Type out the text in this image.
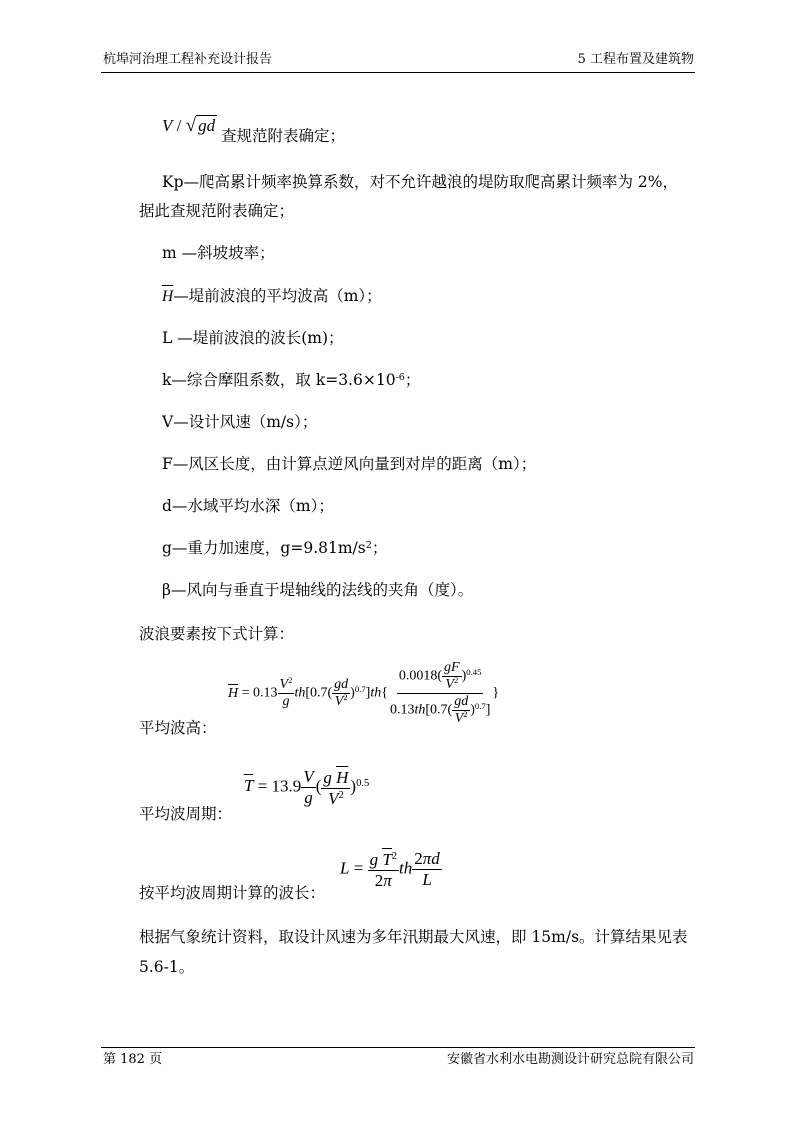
杭埠河治理工程补充设计报告	5 工程布置及建筑物
V / √ gd
查规范附表确定；
Kp—爬高累计频率换算系数，对不允许越浪的堤防取爬高累计频率为 2%，
据此查规范附表确定；
m —斜坡坡率；
H—堤前波浪的平均波高（m）；
L —堤前波浪的波长(m)；
k—综合摩阻系数，取 $k=3.6\times 10^{-6}$；
V—设计风速（m/s）；
F—风区长度，由计算点逆风向量到对岸的距离（m）；
d—水域平均水深（m）；
g—重力加速度，$g=9.81m/s^2$；
β—风向与垂直于堤轴线的法线的夹角（度）。
波浪要素按下式计算：
$H = 0.13 \frac{V^2}{g} th[0.7( \frac{gd}{V^2} )^{0.7}]th\{ \frac{0.0018( \frac{gF}{V^2} )^{0.45}}{0.13th[0.7( \frac{gd}{V^2} )^{0.7}]}$ }
平均波高：
$T = 13.9 \frac{V}{g}$ ( $\frac{\text{g H}}{V^2} )^{0.5}$
平均波周期：
$L = \frac{g T^2}{2\pi}$ th $\frac{2\pi d}{L}$
按平均波周期计算的波长：
根据气象统计资料，取设计风速为多年汛期最大风速，即 15m/s。计算结果见表
5.6-1。
第 182 页	安徽省水利水电勘测设计研究总院有限公司
